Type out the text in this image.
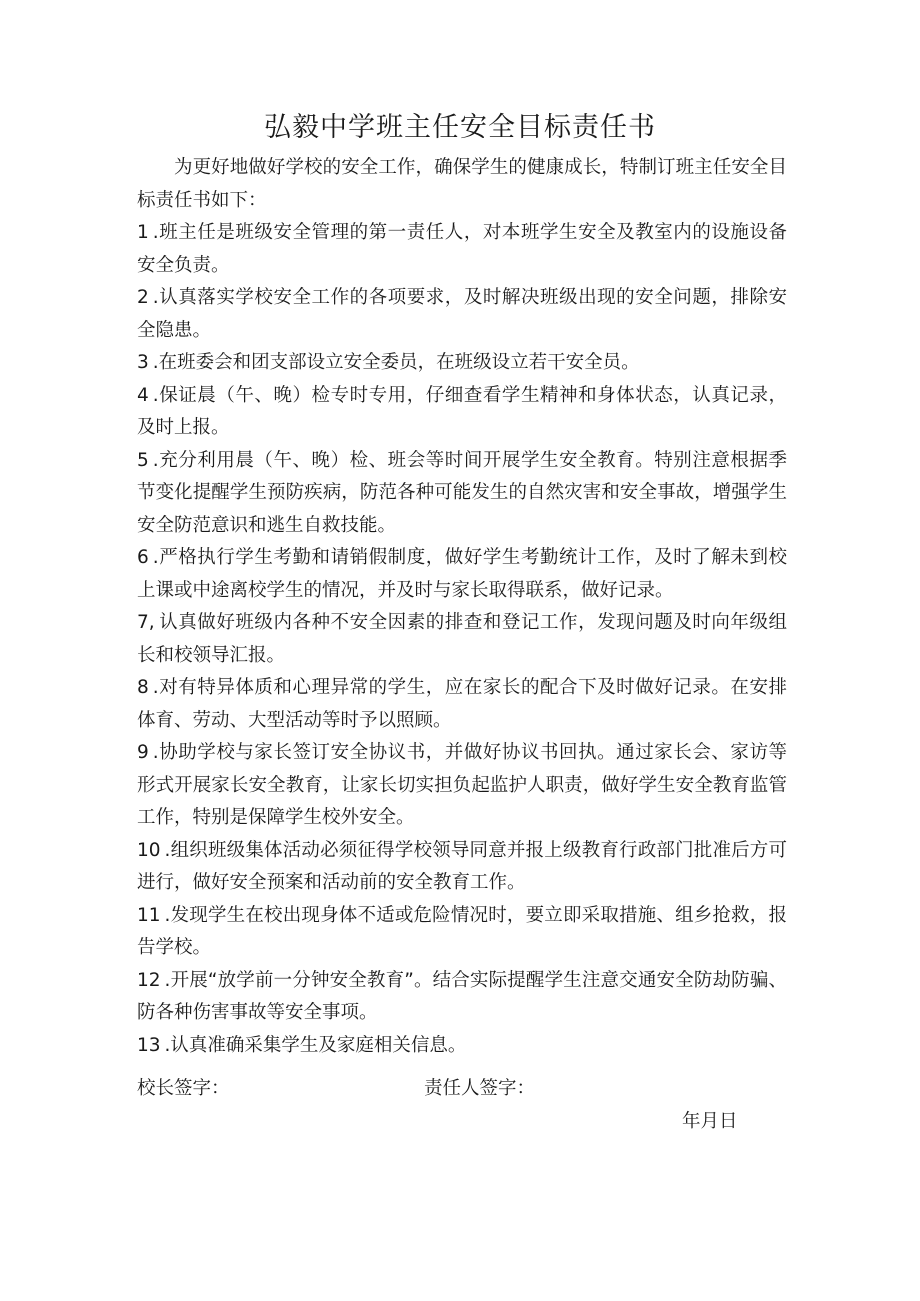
弘毅中学班主任安全目标责任书

为更好地做好学校的安全工作，确保学生的健康成长，特制订班主任安全目标责任书如下：

1 .班主任是班级安全管理的第一责任人，对本班学生安全及教室内的设施设备安全负责。

2 .认真落实学校安全工作的各项要求，及时解决班级出现的安全问题，排除安全隐患。

3 .在班委会和团支部设立安全委员，在班级设立若干安全员。

4 .保证晨（午、晚）检专时专用，仔细查看学生精神和身体状态，认真记录，及时上报。

5 .充分利用晨（午、晚）检、班会等时间开展学生安全教育。特别注意根据季节变化提醒学生预防疾病，防范各种可能发生的自然灾害和安全事故，增强学生安全防范意识和逃生自救技能。

6 .严格执行学生考勤和请销假制度，做好学生考勤统计工作，及时了解未到校上课或中途离校学生的情况，并及时与家长取得联系，做好记录。

7, 认真做好班级内各种不安全因素的排查和登记工作，发现问题及时向年级组长和校领导汇报。

8 .对有特异体质和心理异常的学生，应在家长的配合下及时做好记录。在安排体育、劳动、大型活动等时予以照顾。

9 .协助学校与家长签订安全协议书，并做好协议书回执。通过家长会、家访等形式开展家长安全教育，让家长切实担负起监护人职责，做好学生安全教育监管工作，特别是保障学生校外安全。

10 .组织班级集体活动必须征得学校领导同意并报上级教育行政部门批准后方可进行，做好安全预案和活动前的安全教育工作。

11 .发现学生在校出现身体不适或危险情况时，要立即采取措施、组乡抢救，报告学校。

12 .开展“放学前一分钟安全教育”。结合实际提醒学生注意交通安全防劫防骗、防各种伤害事故等安全事项。

13 .认真准确采集学生及家庭相关信息。

校长签字：	责任人签字：
年月日
